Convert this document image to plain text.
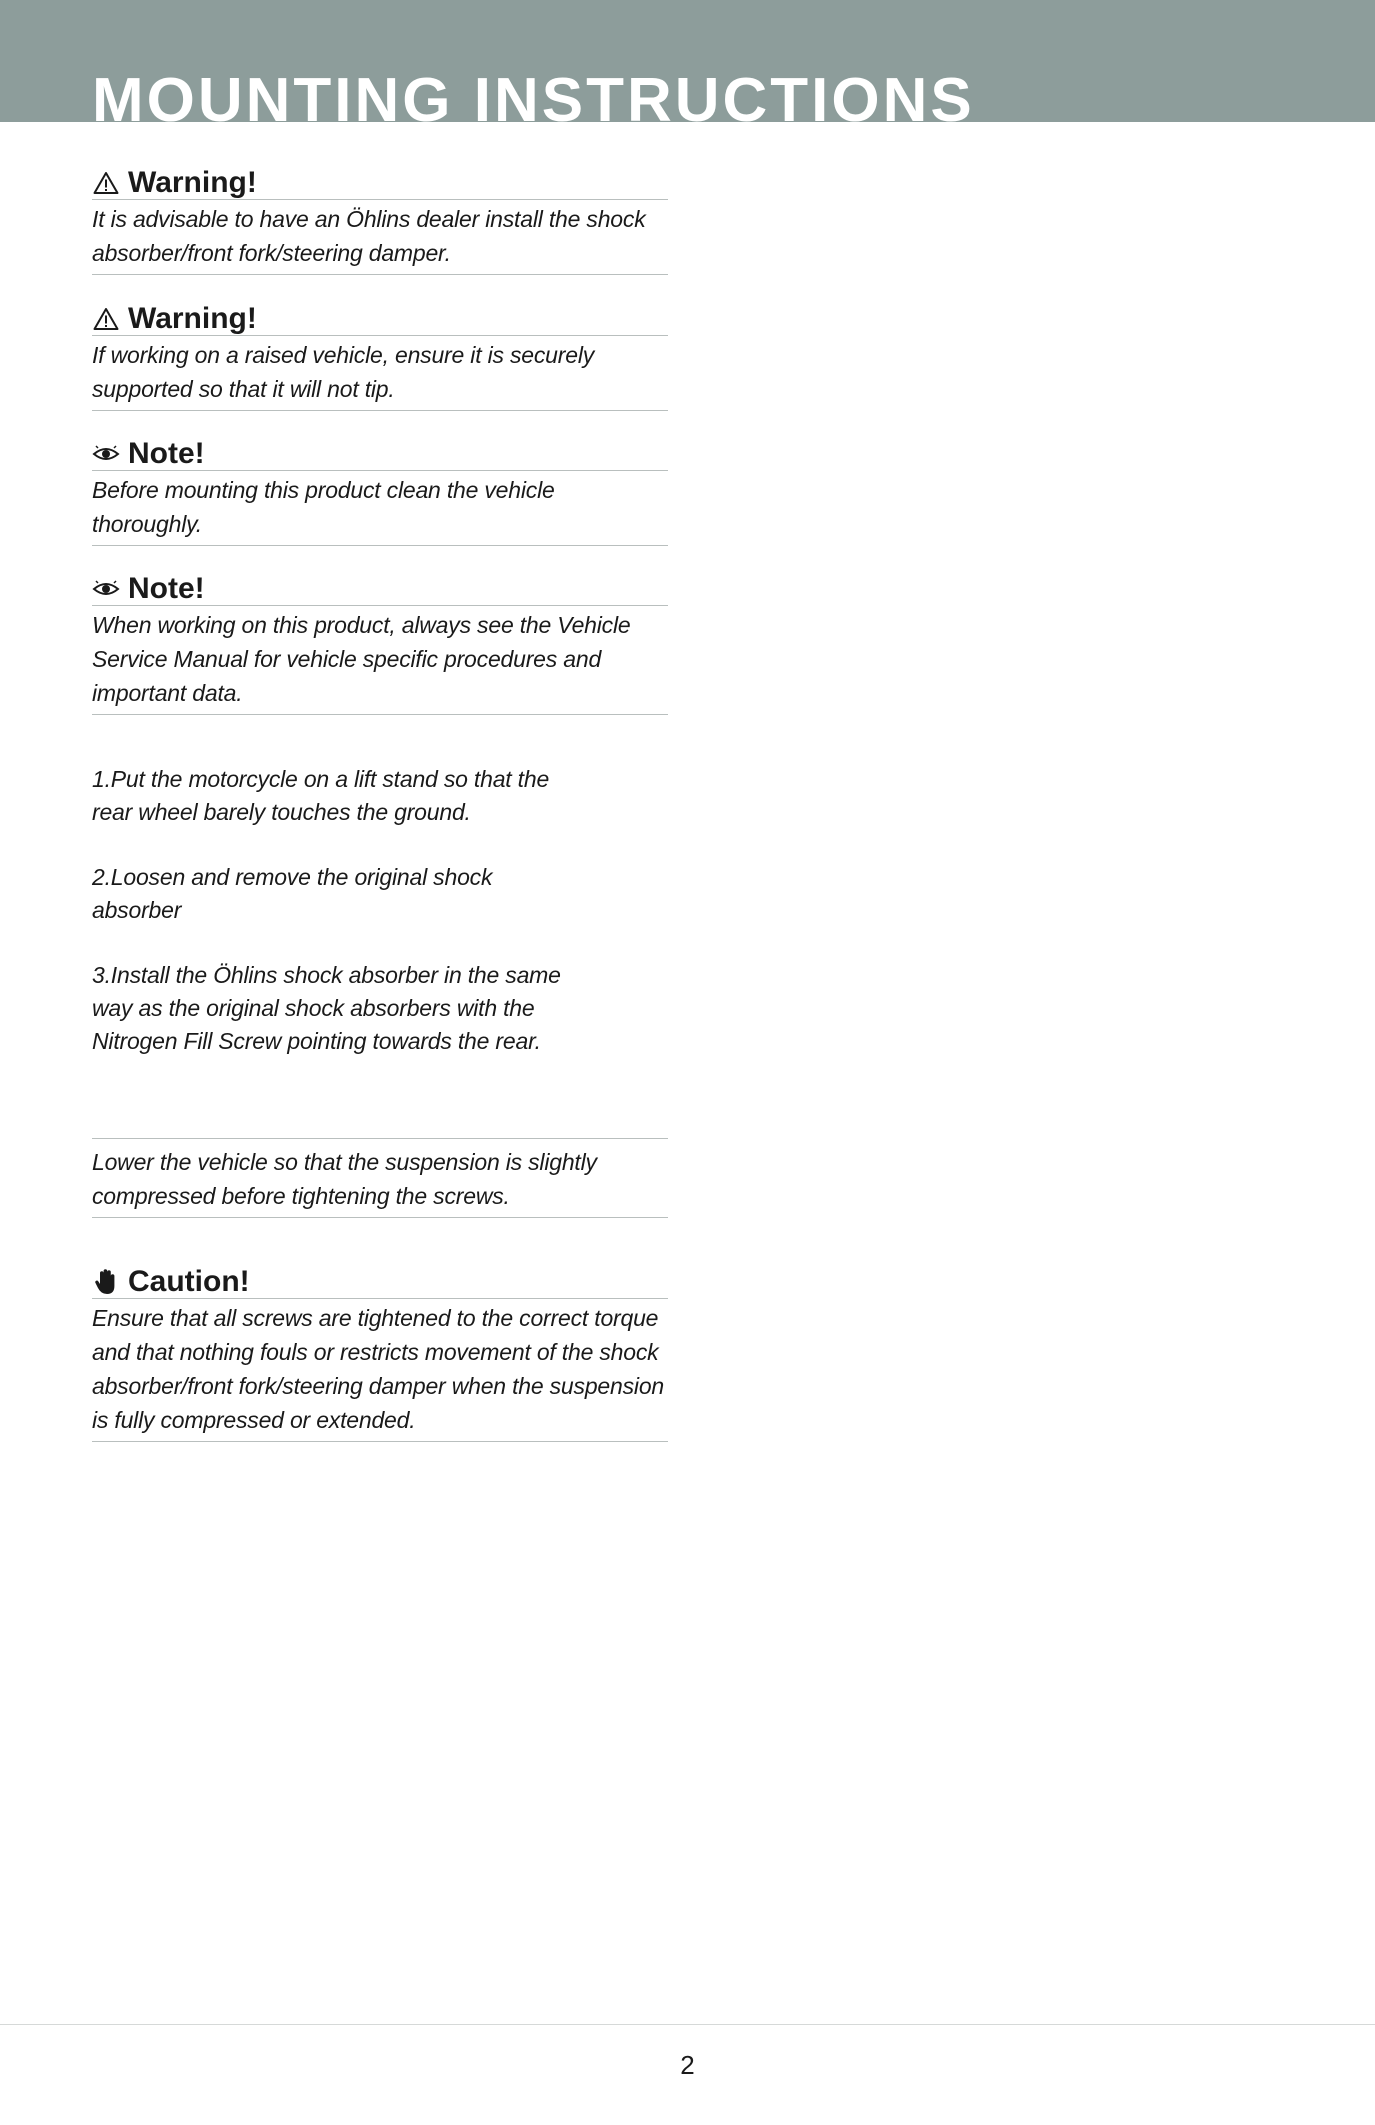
MOUNTING INSTRUCTIONS
Warning!
It is advisable to have an Öhlins dealer install the shock absorber/front fork/steering damper.
Warning!
If working on a raised vehicle, ensure it is securely supported so that it will not tip.
Note!
Before mounting this product clean the vehicle thoroughly.
Note!
When working on this product, always see the Vehicle Service Manual for vehicle specific procedures and important data.

1.Put the motorcycle on a lift stand so that the
rear wheel barely touches the ground.

2.Loosen and remove the original shock
absorber

3.Install the Öhlins shock absorber in the same
way as the original shock absorbers with the
Nitrogen Fill Screw pointing towards the rear.

Lower the vehicle so that the suspension is slightly compressed before tightening the screws.
Caution!
Ensure that all screws are tightened to the correct torque and that nothing fouls or restricts movement of the shock absorber/front fork/steering damper when the suspension is fully compressed or extended.
2
